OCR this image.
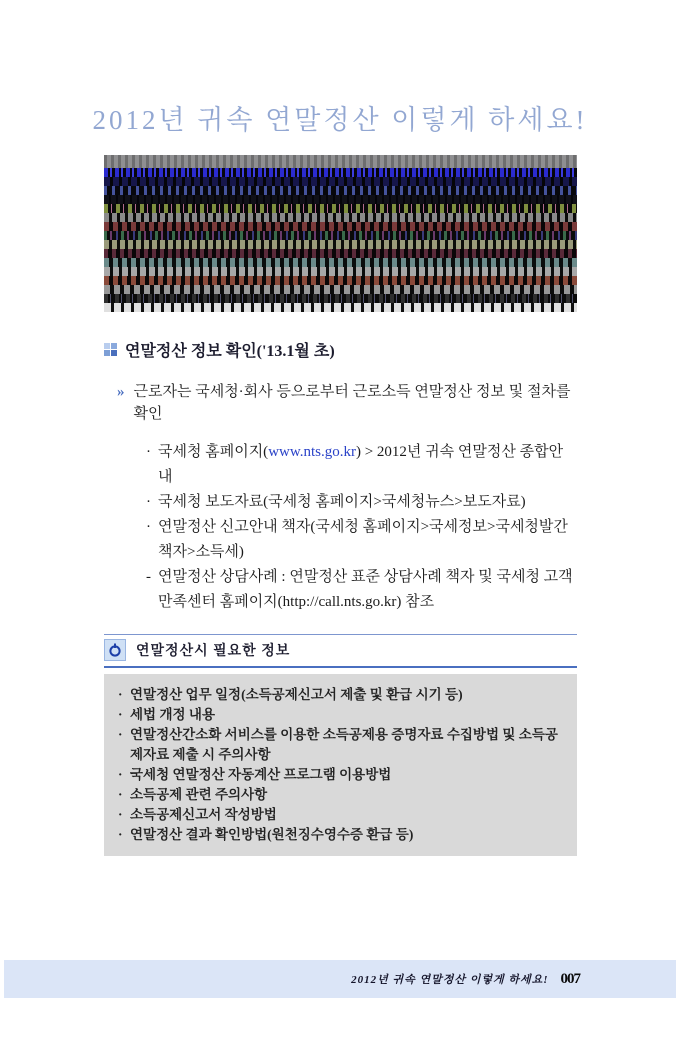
2012년 귀속 연말정산 이렇게 하세요!
연말정산 정보 확인('13.1월 초)
» 근로자는 국세청·회사 등으로부터 근로소득 연말정산 정보 및 절차를 확인
· 국세청 홈페이지(www.nts.go.kr) > 2012년 귀속 연말정산 종합안내
· 국세청 보도자료(국세청 홈페이지>국세청뉴스>보도자료)
· 연말정산 신고안내 책자(국세청 홈페이지>국세정보>국세청발간 책자>소득세)
- 연말정산 상담사례 : 연말정산 표준 상담사례 책자 및 국세청 고객만족센터 홈페이지(http://call.nts.go.kr) 참조
연말정산시 필요한 정보
· 연말정산 업무 일정(소득공제신고서 제출 및 환급 시기 등)
· 세법 개정 내용
· 연말정산간소화 서비스를 이용한 소득공제용 증명자료 수집방법 및 소득공제자료 제출 시 주의사항
· 국세청 연말정산 자동계산 프로그램 이용방법
· 소득공제 관련 주의사항
· 소득공제신고서 작성방법
· 연말정산 결과 확인방법(원천징수영수증 환급 등)
2012년 귀속 연말정산 이렇게 하세요! 007
